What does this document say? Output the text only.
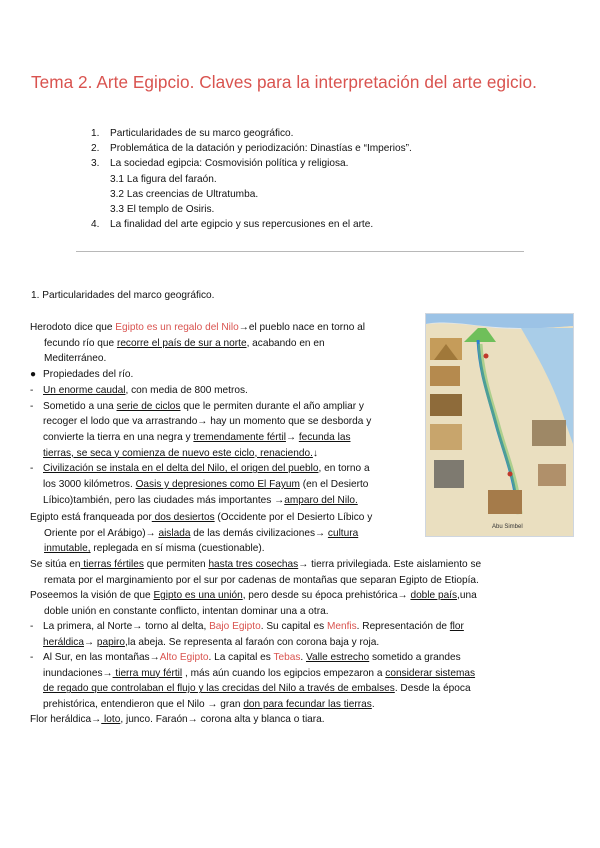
Tema 2. Arte Egipcio. Claves para la interpretación del arte egicio.
1. Particularidades de su marco geográfico.
2. Problemática de la datación y periodización: Dinastías e “Imperios”.
3. La sociedad egipcia: Cosmovisión política y religiosa.
3.1 La figura del faraón.
3.2 Las creencias de Ultratumba.
3.3 El templo de Osiris.
4. La finalidad del arte egipcio y sus repercusiones en el arte.
1. Particularidades del marco geográfico.
Herodoto dice que Egipto es un regalo del Nilo→el pueblo nace en torno al
fecundo río que recorre el país de sur a norte, acabando en en
Mediterráneo.
● Propiedades del río.
- Un enorme caudal, con media de 800 metros.
- Sometido a una serie de ciclos que le permiten durante el año ampliar y
recoger el lodo que va arrastrando→ hay un momento que se desborda y
convierte la tierra en una negra y tremendamente fértil→ fecunda las
tierras, se seca y comienza de nuevo este ciclo, renaciendo.↓
- Civilización se instala en el delta del Nilo, el origen del pueblo, en torno a
los 3000 kilómetros. Oasis y depresiones como El Fayum (en el Desierto
Líbico)también, pero las ciudades más importantes →amparo del Nilo.
Abu Simbel
Egipto está franqueada por dos desiertos (Occidente por el Desierto Líbico y
Oriente por el Arábigo)→ aislada de las demás civilizaciones→ cultura
inmutable, replegada en sí misma (cuestionable).
Se sitúa en tierras fértiles que permiten hasta tres cosechas→ tierra privilegiada. Este aislamiento se
remata por el marginamiento por el sur por cadenas de montañas que separan Egipto de Etiopía.
Poseemos la visión de que Egipto es una unión, pero desde su época prehistórica→ doble país,una
doble unión en constante conflicto, intentan dominar una a otra.
- La primera, al Norte→ torno al delta, Bajo Egipto. Su capital es Menfis. Representación de flor
heráldica→ papiro,la abeja. Se representa al faraón con corona baja y roja.
- Al Sur, en las montañas→Alto Egipto. La capital es Tebas. Valle estrecho sometido a grandes
inundaciones→ tierra muy fértil , más aún cuando los egipcios empezaron a considerar sistemas
de regado que controlaban el flujo y las crecidas del Nilo a través de embalses. Desde la época
prehistórica, entendieron que el Nilo → gran don para fecundar las tierras.
Flor heráldica→ loto, junco. Faraón→ corona alta y blanca o tiara.
